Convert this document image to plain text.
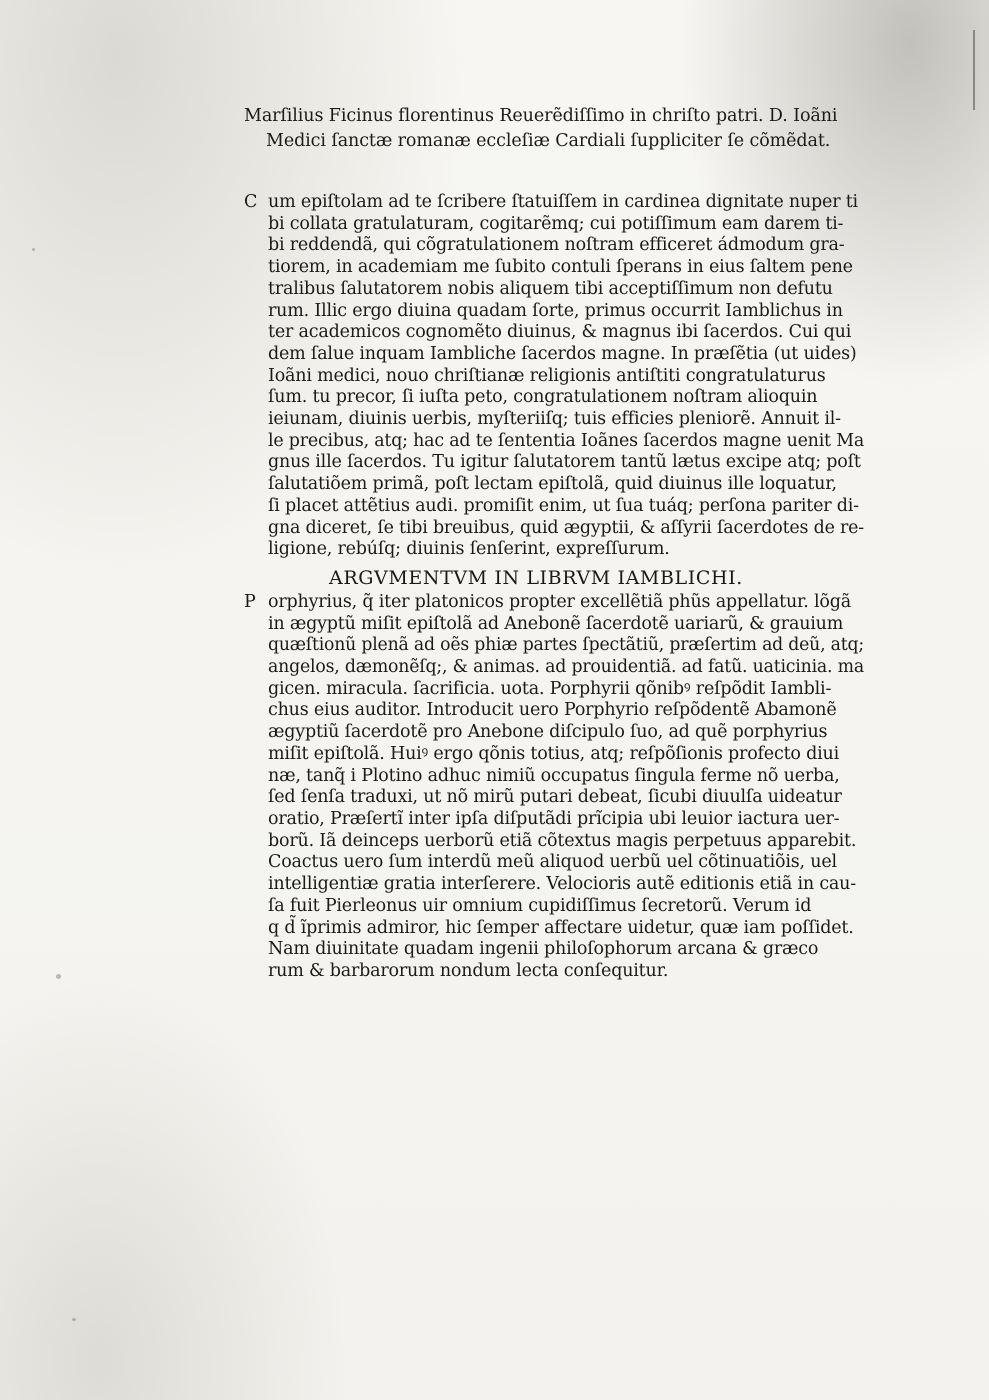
Marſilius Ficinus florentinus Reuerẽdiſſimo in chriſto patri. D. Ioãni
Medici ſanctæ romanæ eccleſiæ Cardiali ſuppliciter ſe cõmẽdat.

C um epiſtolam ad te ſcribere ſtatuiſſem in cardinea dignitate nuper ti
bi collata gratulaturam, cogitarẽmq; cui potiſſimum eam darem ti-
bi reddendã, qui cõgratulationem noſtram efficeret ádmodum gra-
tiorem, in academiam me ſubito contuli ſperans in eius ſaltem pene
tralibus ſalutatorem nobis aliquem tibi acceptiſſimum non defutu
rum. Illic ergo diuina quadam ſorte, primus occurrit Iamblichus in
ter academicos cognomẽto diuinus, & magnus ibi ſacerdos. Cui qui
dem ſalue inquam Iambliche ſacerdos magne. In præſẽtia (ut uides)
Ioãni medici, nouo chriſtianæ religionis antiſtiti congratulaturus
ſum. tu precor, ſi iuſta peto, congratulationem noſtram alioquin
ieiunam, diuinis uerbis, myſteriiſq; tuis efficies pleniorẽ. Annuit il-
le precibus, atq; hac ad te ſententia Ioãnes ſacerdos magne uenit Ma
gnus ille ſacerdos. Tu igitur ſalutatorem tantũ lætus excipe atq; poſt
ſalutatiõem primã, poſt lectam epiſtolã, quid diuinus ille loquatur,
ſi placet attẽtius audi. promiſit enim, ut ſua tuáq; perſona pariter di-
gna diceret, ſe tibi breuibus, quid ægyptii, & aſſyrii ſacerdotes de re-
ligione, rebúſq; diuinis ſenſerint, expreſſurum.
ARGVMENTVM IN LIBRVM IAMBLICHI.
P orphyrius, q̃ iter platonicos propter excellẽtiã phũs appellatur. lõgã
in ægyptũ miſit epiſtolã ad Anebonẽ ſacerdotẽ uariarũ, & grauium
quæſtionũ plenã ad oẽs phiæ partes ſpectãtiũ, præſertim ad deũ, atq;
angelos, dæmonẽſq;, & animas. ad prouidentiã. ad fatũ. uaticinia. ma
gicen. miracula. ſacrificia. uota. Porphyrii qõnibꝰ reſpõdit Iambli-
chus eius auditor. Introducit uero Porphyrio reſpõdentẽ Abamonẽ
ægyptiũ ſacerdotẽ pro Anebone diſcipulo ſuo, ad quẽ porphyrius
miſit epiſtolã. Huiꝰ ergo qõnis totius, atq; reſpõſionis profecto diui
næ, tanq̃ i Plotino adhuc nimiũ occupatus ſingula ferme nõ uerba,
ſed ſenſa traduxi, ut nõ mirũ putari debeat, ſicubi diuulſa uideatur
oratio, Præſertĩ inter ipſa diſputãdi prĩcipia ubi leuior iactura uer-
borũ. Iã deinceps uerborũ etiã cõtextus magis perpetuus apparebit.
Coactus uero ſum interdũ meũ aliquod uerbũ uel cõtinuatiõis, uel
intelligentiæ gratia interſerere. Velocioris autẽ editionis etiã in cau-
ſa fuit Pierleonus uir omnium cupidiſſimus ſecretorũ. Verum id
q d̃ ĩprimis admiror, hic ſemper affectare uidetur, quæ iam poſſidet.
Nam diuinitate quadam ingenii philoſophorum arcana & græco
rum & barbarorum nondum lecta conſequitur.
